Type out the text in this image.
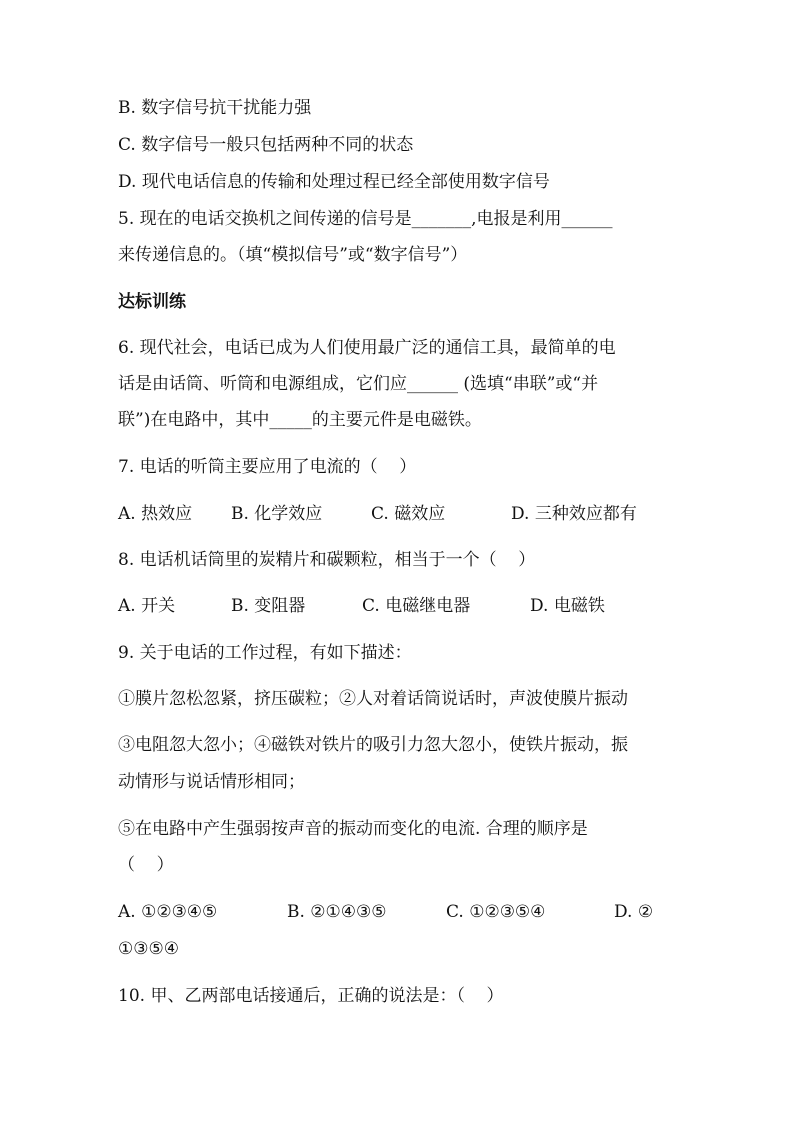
B. 数字信号抗干扰能力强
C. 数字信号一般只包括两种不同的状态
D. 现代电话信息的传输和处理过程已经全部使用数字信号
5. 现在的电话交换机之间传递的信号是_______,电报是利用______
来传递信息的。（填“模拟信号”或“数字信号”）
达标训练
6. 现代社会，电话已成为人们使用最广泛的通信工具，最简单的电
话是由话筒、听筒和电源组成，它们应______ (选填“串联”或“并
联”)在电路中，其中_____的主要元件是电磁铁。
7. 电话的听筒主要应用了电流的（    ）
A. 热效应 B. 化学效应	C. 磁效应	D. 三种效应都有
8. 电话机话筒里的炭精片和碳颗粒，相当于一个（    ）
A. 开关	B. 变阻器	C. 电磁继电器	D. 电磁铁
9. 关于电话的工作过程，有如下描述：
①膜片忽松忽紧，挤压碳粒；②人对着话筒说话时，声波使膜片振动
③电阻忽大忽小；④磁铁对铁片的吸引力忽大忽小，使铁片振动，振
动情形与说话情形相同；
⑤在电路中产生强弱按声音的振动而变化的电流. 合理的顺序是
（    ）
A. ①②③④⑤	B. ②①④③⑤	C. ①②③⑤④	D. ②
①③⑤④
10. 甲、乙两部电话接通后，正确的说法是：（    ）
